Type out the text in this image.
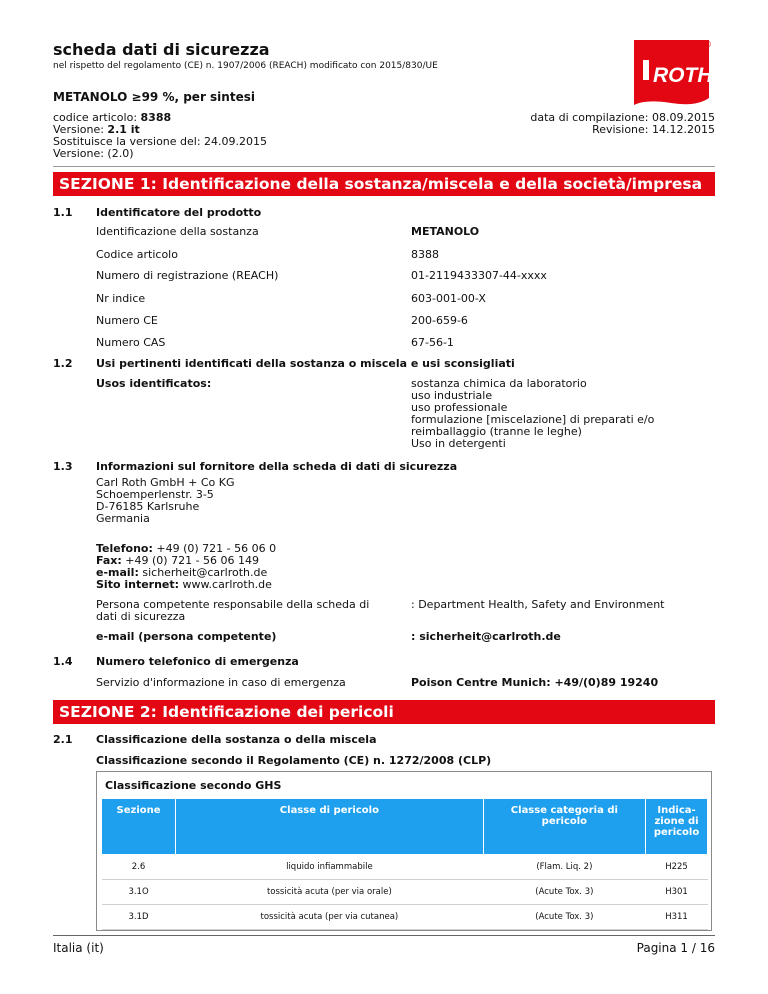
scheda dati di sicurezza
nel rispetto del regolamento (CE) n. 1907/2006 (REACH) modificato con 2015/830/UE	ROTH
®
METANOLO ≥99 %, per sintesi
codice articolo: 8388
Versione: 2.1 it
Sostituisce la versione del: 24.09.2015
Versione: (2.0)
data di compilazione: 08.09.2015
Revisione: 14.12.2015
SEZIONE 1: Identificazione della sostanza/miscela e della società/impresa
1.1 Identificatore del prodotto
Identificazione della sostanza	METANOLO
Codice articolo	8388
Numero di registrazione (REACH)	01-2119433307-44-xxxx
Nr indice	603-001-00-X
Numero CE	200-659-6
Numero CAS	67-56-1
1.2 Usi pertinenti identificati della sostanza o miscela e usi sconsigliati
Usos identificatos:	sostanza chimica da laboratorio
uso industriale
uso professionale
formulazione [miscelazione] di preparati e/o
reimballaggio (tranne le leghe)
Uso in detergenti
1.3 Informazioni sul fornitore della scheda di dati di sicurezza
Carl Roth GmbH + Co KG
Schoemperlenstr. 3-5
D-76185 Karlsruhe
Germania
Telefono: +49 (0) 721 - 56 06 0
Fax: +49 (0) 721 - 56 06 149
e-mail: sicherheit@carlroth.de
Sito internet: www.carlroth.de
Persona competente responsabile della scheda di
dati di sicurezza
: Department Health, Safety and Environment
e-mail (persona competente)	: sicherheit@carlroth.de
1.4 Numero telefonico di emergenza
Servizio d'informazione in caso di emergenza	Poison Centre Munich: +49/(0)89 19240
SEZIONE 2: Identificazione dei pericoli
2.1 Classificazione della sostanza o della miscela
Classificazione secondo il Regolamento (CE) n. 1272/2008 (CLP)
Classificazione secondo GHS
Sezione	Classe di pericolo	Classe categoria di pericolo	Indica-zione di pericolo
2.6	liquido infiammabile	(Flam. Liq. 2)	H225
3.1O	tossicità acuta (per via orale)	(Acute Tox. 3)	H301
3.1D	tossicità acuta (per via cutanea)	(Acute Tox. 3)	H311
Italia (it)	Pagina 1 / 16
